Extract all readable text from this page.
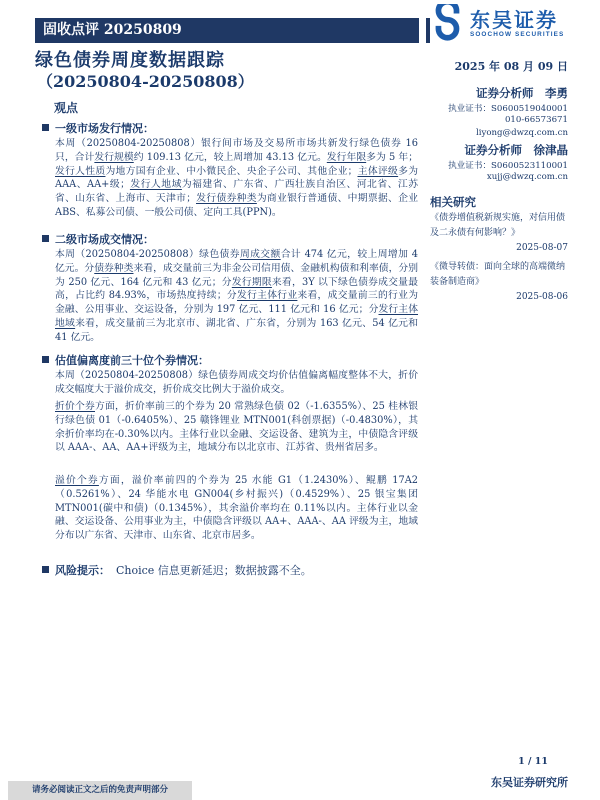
固收点评 20250809
绿色债券周度数据跟踪
（20250804-20250808）
观点
一级市场发行情况：
本周（20250804-20250808）银行间市场及交易所市场共新发行绿色债券 16 只，合计发行规模约 109.13 亿元，较上周增加 43.13 亿元。发行年限多为 5 年；发行人性质为地方国有企业、中小微民企、央企子公司、其他企业；主体评级多为 AAA、AA+级；发行人地域为福建省、广东省、广西壮族自治区、河北省、江苏省、山东省、上海市、天津市；发行债券种类为商业银行普通债、中期票据、企业 ABS、私募公司债、一般公司债、定向工具(PPN)。
二级市场成交情况：
本周（20250804-20250808）绿色债券周成交额合计 474 亿元，较上周增加 4 亿元。分债券种类来看，成交量前三为非金公司信用债、金融机构债和利率债，分别为 250 亿元、164 亿元和 43 亿元；分发行期限来看，3Y 以下绿色债券成交量最高，占比约 84.93%，市场热度持续；分发行主体行业来看，成交量前三的行业为金融、公用事业、交运设备，分别为 197 亿元、111 亿元和 16 亿元；分发行主体地域来看，成交量前三为北京市、湖北省、广东省，分别为 163 亿元、54 亿元和 41 亿元。
估值偏离度前三十位个券情况：
本周（20250804-20250808）绿色债券周成交均价估值偏离幅度整体不大，折价成交幅度大于溢价成交，折价成交比例大于溢价成交。
折价个券方面，折价率前三的个券为 20 常熟绿色债 02（-1.6355%）、25 桂林银行绿色债 01（-0.6405%）、25 赣锋锂业 MTN001(科创票据)（-0.4830%），其余折价率均在-0.30%以内。主体行业以金融、交运设备、建筑为主，中债隐含评级以 AAA-、AA、AA+评级为主，地域分布以北京市、江苏省、贵州省居多。
溢价个券方面，溢价率前四的个券为 25 水能 G1（1.2430%）、鲲鹏 17A2（0.5261%）、24 华能水电 GN004(乡村振兴)（0.4529%）、25 银宝集团 MTN001(碳中和债)（0.1345%），其余溢价率均在 0.11%以内。主体行业以金融、交运设备、公用事业为主，中债隐含评级以 AA+、AAA-、AA 评级为主，地域分布以广东省、天津市、山东省、北京市居多。
风险提示： Choice 信息更新延迟；数据披露不全。
东吴证券
SOOCHOW SECURITIES
2025 年 08 月 09 日
证券分析师　李勇
执业证书：S0600519040001
010-66573671
liyong@dwzq.com.cn
证券分析师　徐津晶
执业证书：S0600523110001
xujj@dwzq.com.cn
相关研究
《债券增值税新规实施，对信用债及二永债有何影响？》
2025-08-07
《微导转债：面向全球的高端微纳装备制造商》
2025-08-06
请务必阅读正文之后的免责声明部分
1 / 11
东吴证券研究所
